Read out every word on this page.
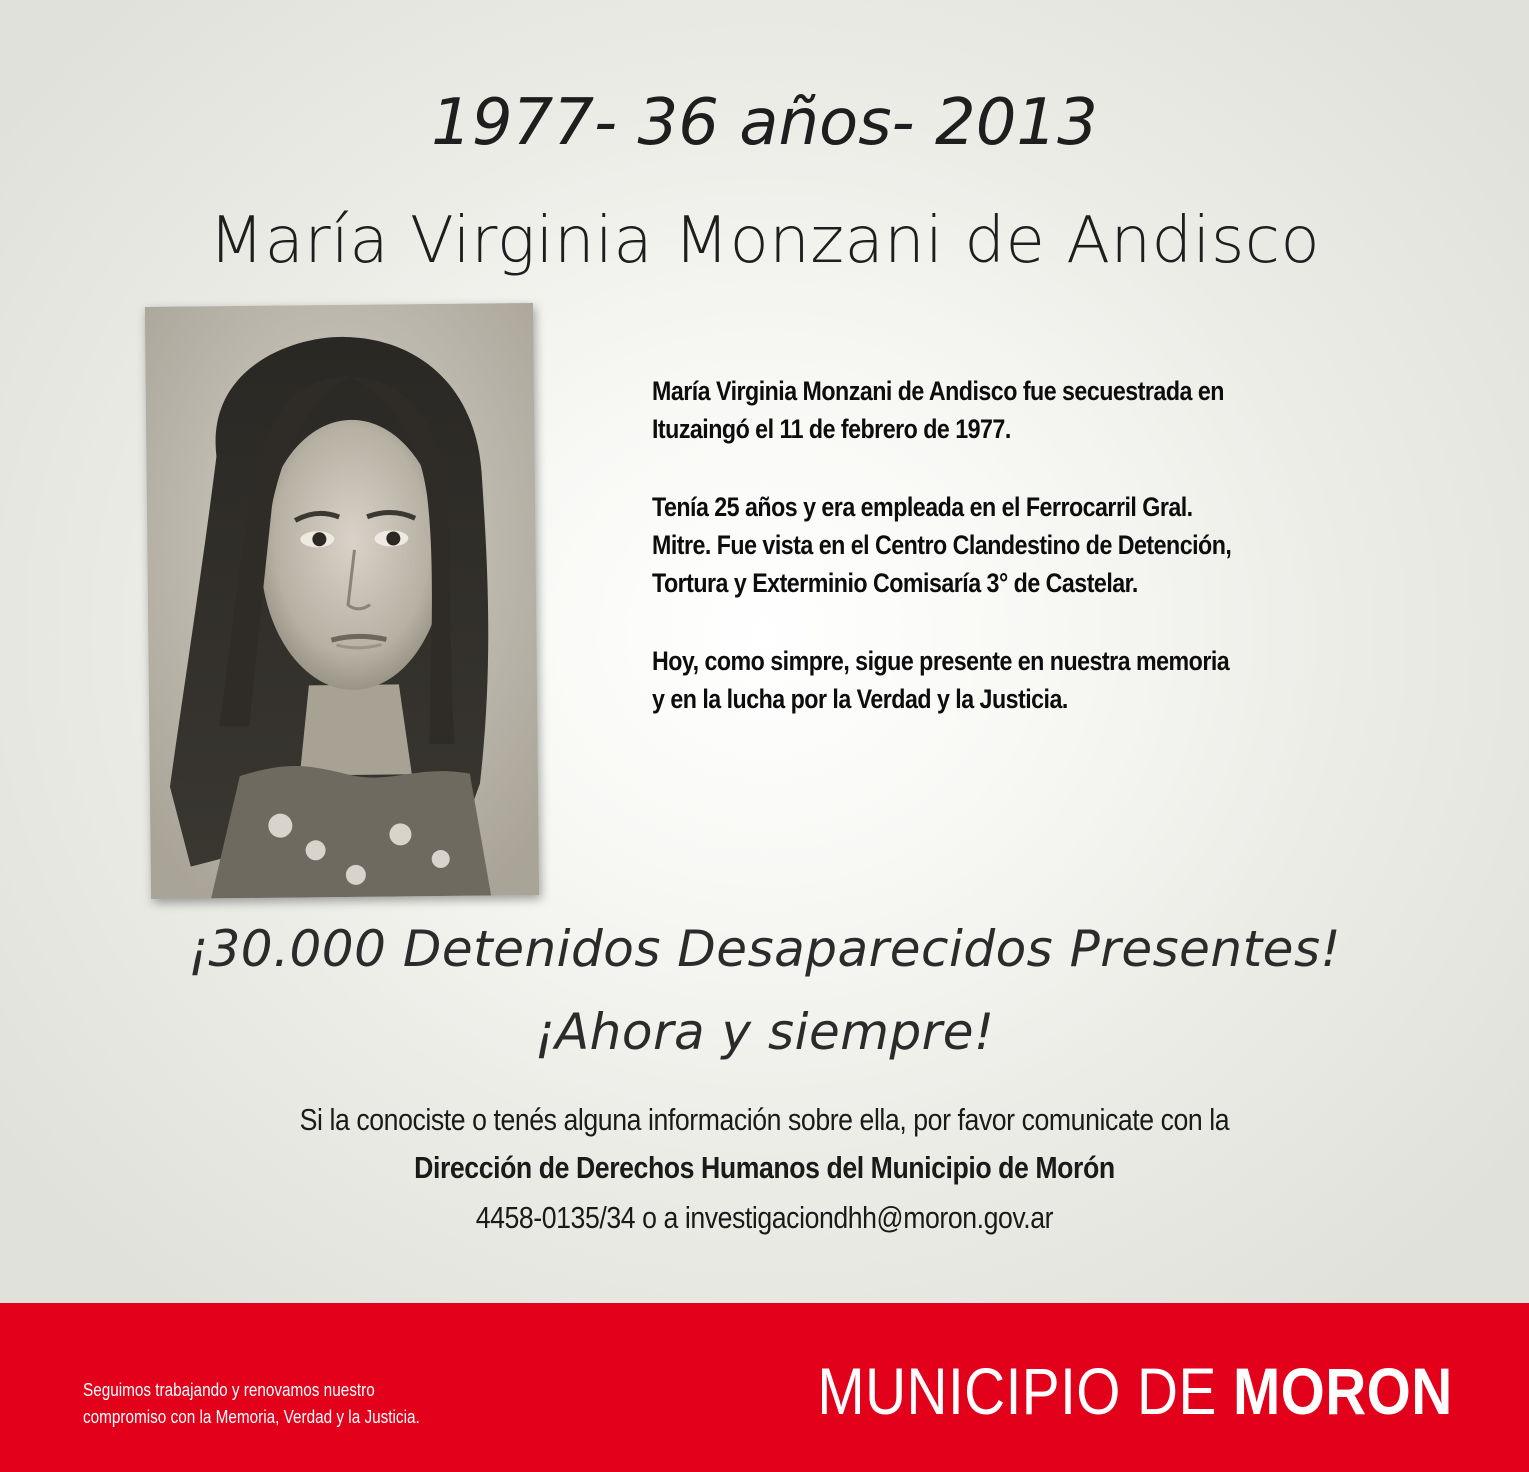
1977- 36 años- 2013
María Virginia Monzani de Andisco

María Virginia Monzani de Andisco fue secuestrada en
Ituzaingó el 11 de febrero de 1977.

Tenía 25 años y era empleada en el Ferrocarril Gral.
Mitre. Fue vista en el Centro Clandestino de Detención,
Tortura y Exterminio Comisaría 3° de Castelar.

Hoy, como simpre, sigue presente en nuestra memoria
y en la lucha por la Verdad y la Justicia.

¡30.000 Detenidos Desaparecidos Presentes!
¡Ahora y siempre!
Si la conociste o tenés alguna información sobre ella, por favor comunicate con la
Dirección de Derechos Humanos del Municipio de Morón
4458-0135/34 o a investigaciondhh@moron.gov.ar
Seguimos trabajando y renovamos nuestro
compromiso con la Memoria, Verdad y la Justicia.	MUNICIPIO DE MORON
